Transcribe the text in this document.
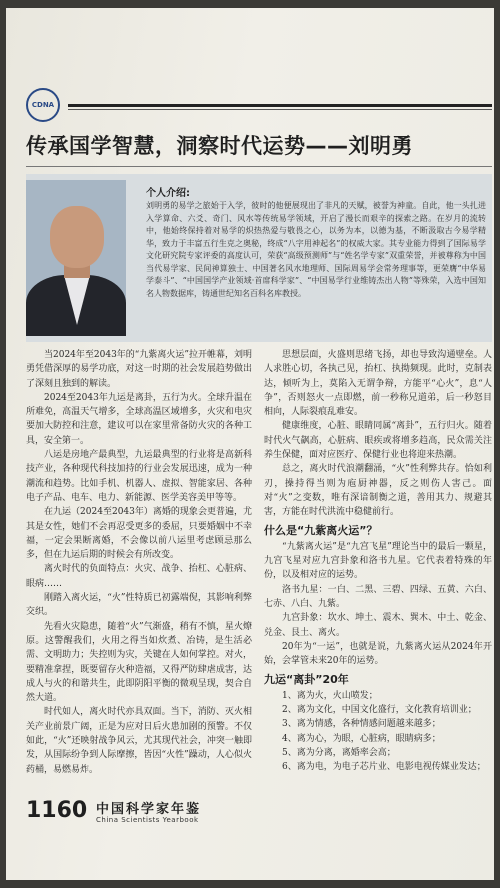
CDNA
传承国学智慧，洞察时代运势——刘明勇
个人介绍:
刘明勇的易学之旅始于入学，彼时的他便展现出了非凡的天赋，被誉为神童。自此，他一头扎进入学算命、六爻、奇门、风水等传统易学领域，开启了漫长而艰辛的探索之路。在岁月的流转中，他始终保持着对易学的炽热热爱与敬畏之心，以务为本，以德为基，不断汲取古今易学精华，致力于丰富五行生克之奥秘，终成“八字用神起名”的权威大家。其专业能力得到了国际易学文化研究院专家评委的高度认可，荣获“高级预测师”与“姓名学专家”双重荣誉，并被尊称为中国当代易学家、民间神算独士、中国著名风水地理师、国际周易学会常务理事等，更荣膺“中华易学泰斗”、“中国国学产业领域·首席科学家”、“中国易学行业维铸杰出人物”等殊荣，入选中国知名人物数据库，铸通世纪知名百科名库教授。

当2024年至2043年的“九紫离火运”拉开帷幕，刘明勇凭借深厚的易学功底，对这一时期的社会发展趋势做出了深刻且独到的解读。

2024至2043年九运是离卦，五行为火。全球升温在所难免，高温天气增多，全球高温区域增多，火灾和电灾要加大防控和注意，建议可以在家里常备防火灾的各种工具，安全第一。

八运是房地产最典型，九运最典型的行业将是高新科技产业，各种现代科技加持的行业会发展迅速，成为一种潮流和趋势。比如手机、机器人、虚拟、智能家居、各种电子产品、电车、电力、新能源、医学美容美甲等等。

在九运（2024至2043年）离婚的现象会更普遍，尤其是女性，她们不会再忍受更多的委屈，只要婚姻中不幸福，一定会果断离婚，不会像以前八运里考虑顾忌那么多，但在九运后期的时候会有所改变。

离火时代的负面特点：火灾、战争、抬杠、心脏病、眼病……

刚踏入离火运，“火”性特质已初露端倪，其影响利弊交织。

先看火灾隐患，随着“火”气渐盛，稍有不慎，星火燎原。这警醒我们，火用之得当如炊煮、冶铸，是生活必需、文明助力；失控则为灾，关键在人如何掌控。对火，要精准拿捏，既要留存火种造福，又得严防肆虐成害，达成人与火的和谐共生，此即阴阳平衡的微观呈现，契合自然大道。

时代如人，离火时代亦具双面。当下，消防、灭火相关产业前景广阔，正是为应对日后火患加剧的预警。不仅如此，“火”还映射战争风云，尤其现代社会，冲突一触即发，从国际纷争到人际摩擦，皆因“火性”躁动，人心似火药桶，易燃易炸。

思想层面，火盛则思绪飞扬，却也导致沟通壁垒。人人求胜心切，各执己见，抬杠、执拗频现。此时，克制表达，倾听为上，莫陷入无谓争辩，方能平“心火”，息“人争”，否则怒火一点即燃，前一秒称兄道弟，后一秒怒目相向，人际裂痕乱难安。

健康维度，心脏、眼睛同属“离卦”，五行归火。随着时代火气飙高，心脏病、眼疾或将增多趋高，民众需关注养生保健，面对应医疗、保健行业也将迎来热潮。

总之，离火时代浪潮翻涌，“火”性利弊共存。恰如利刃，操持得当则为庖厨神器，反之则伤人害己。面对“火”之变数，唯有深谙制衡之道，善用其力、规避其害，方能在时代洪流中稳健前行。

什么是“九紫离火运”？

“九紫离火运”是“九宫飞星”理论当中的最后一颗星，九宫飞星对应九宫卦象和洛书九星。它代表着特殊的年份，以及相对应的运势。

洛书九星：一白、二黑、三碧、四绿、五黄、六白、七赤、八白、九紫。

九宫卦象：坎水、坤土、震木、巽木、中土、乾金、兑金、艮土、离火。

20年为“一运”，也就是说，九紫离火运从2024年开始，会掌管未来20年的运势。

九运“离卦”20年

1、离为火，火山喷发；

2、离为文化，中国文化盛行，文化教育培训业；

3、离为情感，各种情感问题越来越多；

4、离为心，为眼，心脏病，眼睛病多；

5、离为分离，离婚率会高；

6、离为电，为电子芯片业、电影电视传媒业发达；

1160 中国科学家年鉴
China Scientists Yearbook
